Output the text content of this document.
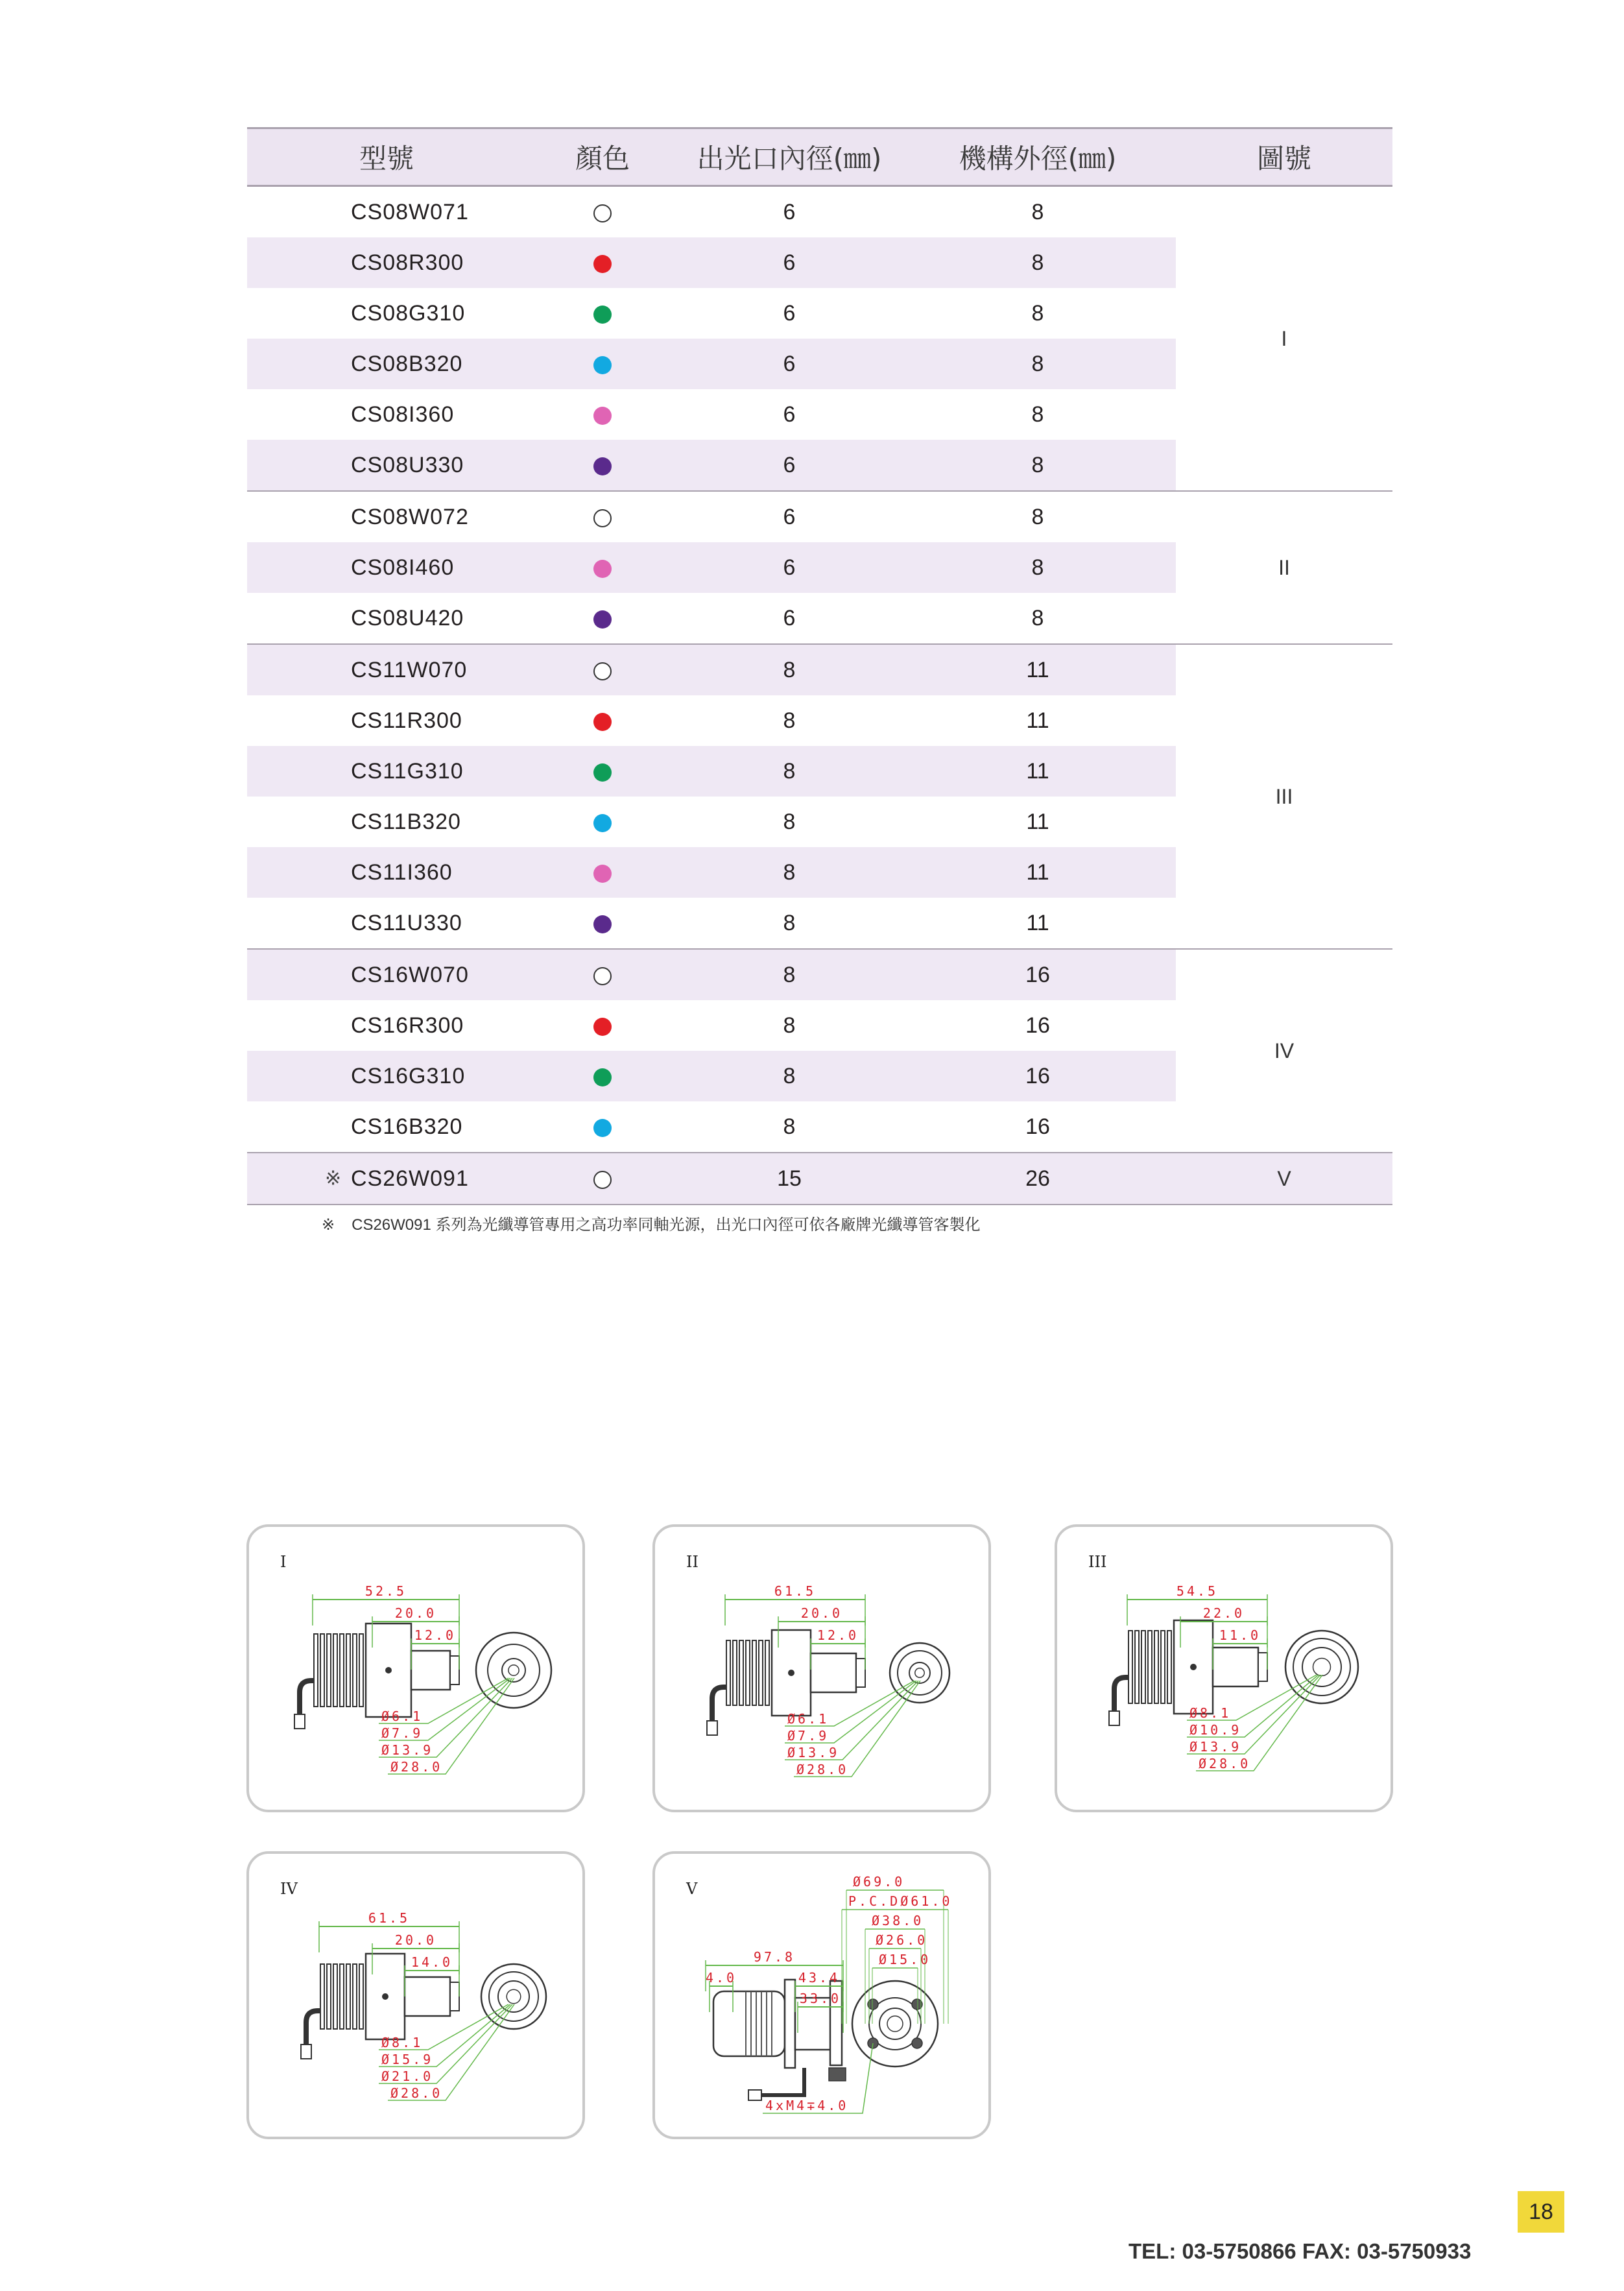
型號	顏色	出光口內徑(㎜)	機構外徑(㎜)	圖號

CS08W071		6	8	I

CS08R300		6	8	

CS08G310		6	8	

CS08B320		6	8	

CS08I360		6	8	

CS08U330		6	8	

CS08W072		6	8	II

CS08I460		6	8	

CS08U420		6	8	

CS11W070		8	11	III

CS11R300		8	11	

CS11G310		8	11	

CS11B320		8	11	

CS11I360		8	11	

CS11U330		8	11	

CS16W070		8	16	IV

CS16R300		8	16	

CS16G310		8	16	

CS16B320		8	16	

※ CS26W091		15	26	V
※ CS26W091 系列為光纖導管專用之高功率同軸光源，出光口內徑可依各廠牌光纖導管客製化
I
52.5
20.0
12.0
Ø6.1
Ø7.9
Ø13.9
Ø28.0
II
61.5
20.0
12.0
Ø6.1
Ø7.9
Ø13.9
Ø28.0
III
54.5
22.0
11.0
Ø8.1
Ø10.9
Ø13.9
Ø28.0
IV
61.5
20.0
14.0
Ø8.1
Ø15.9
Ø21.0
Ø28.0
V
97.8
43.4
33.0
4.0
Ø69.0
P.C.DØ61.0
Ø38.0
Ø26.0
Ø15.0
4xM4∓4.0
18
TEL: 03-5750866 FAX: 03-5750933
